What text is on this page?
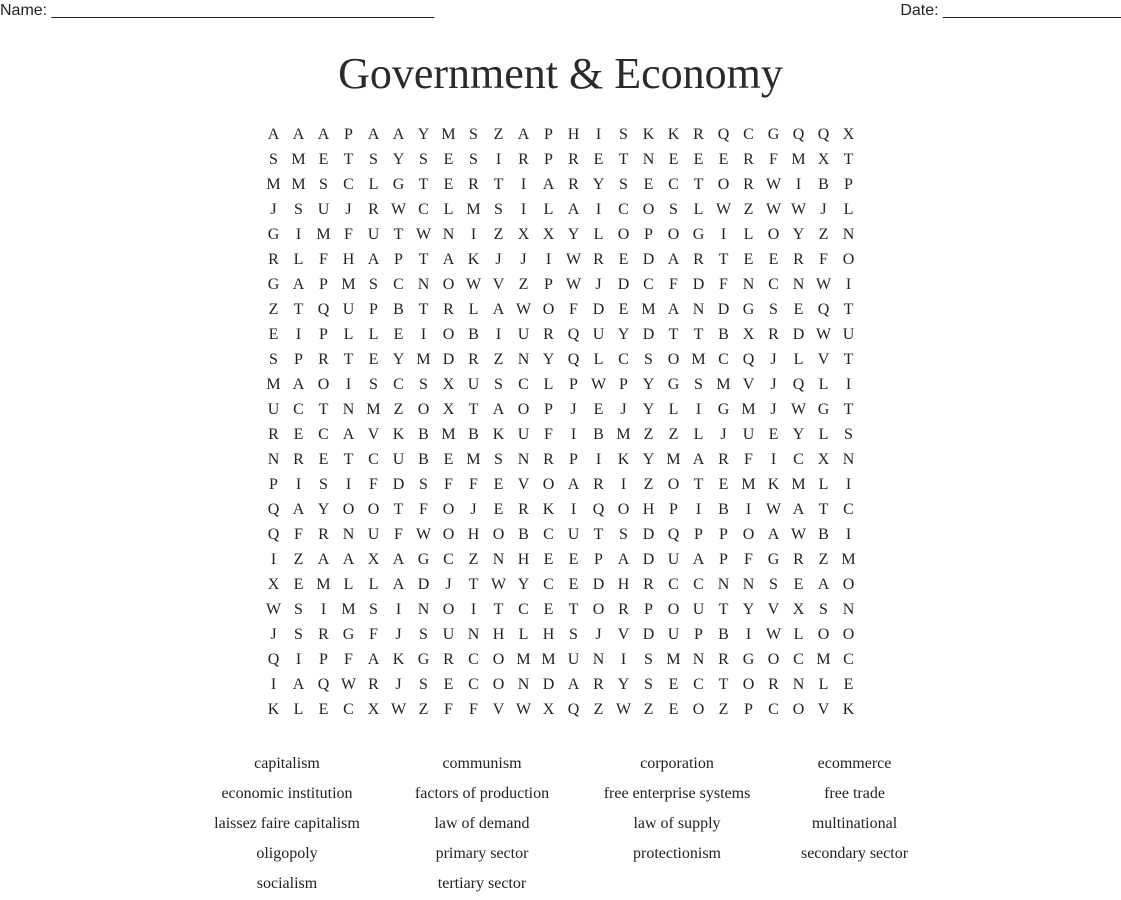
Name: ___________________________________________	Date: ____________________
Government & Economy
A A A P A A Y M S Z A P H	I	S K K R Q C G Q Q X
S M E T S Y S E S	I	R P R E T N E E E R F M X T
M M S C L G T E R T	I	A R Y S E C T O R W I	B P
J	S U	J	R W C L M S	I	L A	I	C O S L W Z W W J	L
G	I M F U T W N	I	Z X X Y L O P O G	I	L O Y Z N
R L F H A P T A K	J	J	I W R E D A R T E E R F O
G A P M S C N O W V Z P W J	D C F D F N C N W I
Z T Q U P B T R L A W O F D E M A N D G S E Q T
E	I	P L L E	I	O B	I	U R Q U Y D T T B X R D W U
S	P R T E Y M D R Z N Y Q L C S O M C Q	J	L V T
M A O	I	S C S X U S C L P W P Y G S M V	J	Q L	I
U C T N M Z O X T A O P	J	E	J	Y L	I	G M J W G T
R E C A V K B M B K U F	I	B M Z Z L	J	U E Y L S
N R E T C U B E M S N R P	I	K Y M A R F	I	C X N
P	I	S	I	F D S	F	F E V O A R	I	Z O T E M K M L	I
Q A Y O O T F O	J	E R K	I	Q O H P	I	B	I W A T C
Q F R N U F W O H O B C U T S D Q P	P O A W B	I
I	Z A A X A G C Z N H E E P A D U A P	F G R Z M
X E M L L A D	J	T W Y C E D H R C C N N S E A O
W S	I M S	I	N O	I	T C E T O R P O U T Y V X S N
J	S R G F	J	S U N H L H S	J	V D U P B	I W L O O
Q	I	P	F A K G R C O M M U N	I	S M N R G O C M C
I	A Q W R	J	S E C O N D A R Y S E C T O R N L E
K L E C X W Z F	F V W X Q Z W Z E O Z P C O V K
capitalism	communism	corporation	ecommerce
economic institution	factors of production	free enterprise systems	free trade
laissez faire capitalism	law of demand	law of supply	multinational
oligopoly	primary sector	protectionism	secondary sector
socialism	tertiary sector
